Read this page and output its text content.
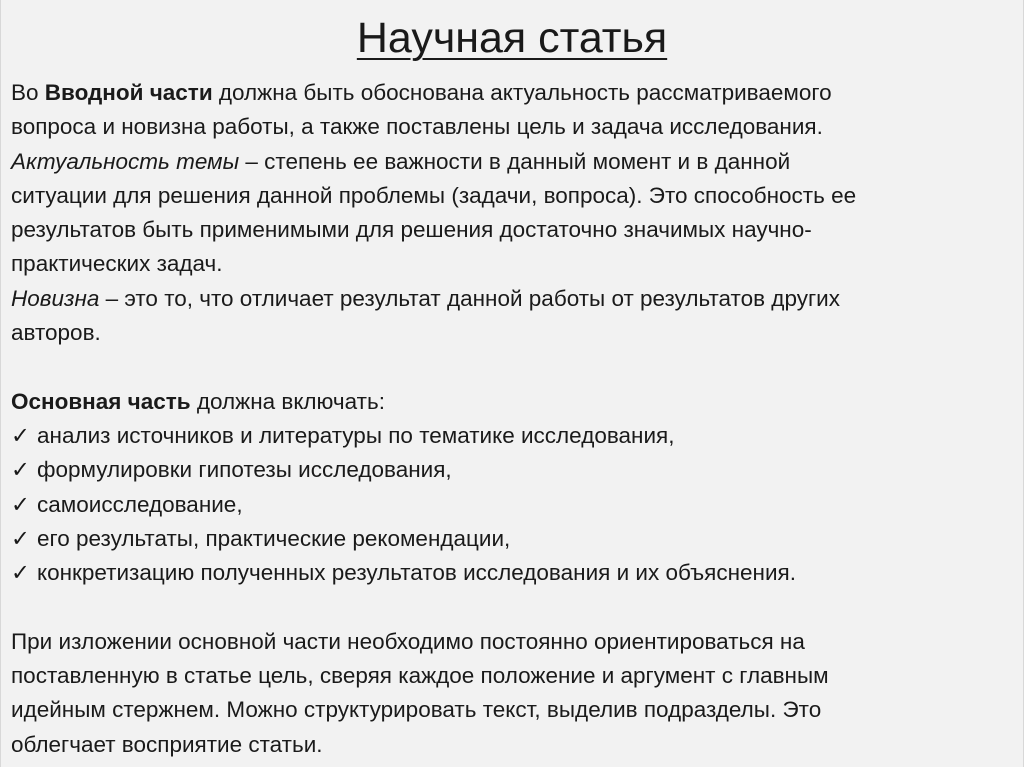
Научная статья
Во Вводной части должна быть обоснована актуальность рассматриваемого
вопроса и новизна работы, а также поставлены цель и задача исследования.
Актуальность темы – степень ее важности в данный момент и в данной
ситуации для решения данной проблемы (задачи, вопроса). Это способность ее
результатов быть применимыми для решения достаточно значимых научно-
практических задач.
Новизна – это то, что отличает результат данной работы от результатов других
авторов.
Основная часть должна включать:
✓ анализ источников и литературы по тематике исследования,
✓ формулировки гипотезы исследования,
✓ самоисследование,
✓ его результаты, практические рекомендации,
✓ конкретизацию полученных результатов исследования и их объяснения.
При изложении основной части необходимо постоянно ориентироваться на
поставленную в статье цель, сверяя каждое положение и аргумент с главным
идейным стержнем. Можно структурировать текст, выделив подразделы. Это
облегчает восприятие статьи.
